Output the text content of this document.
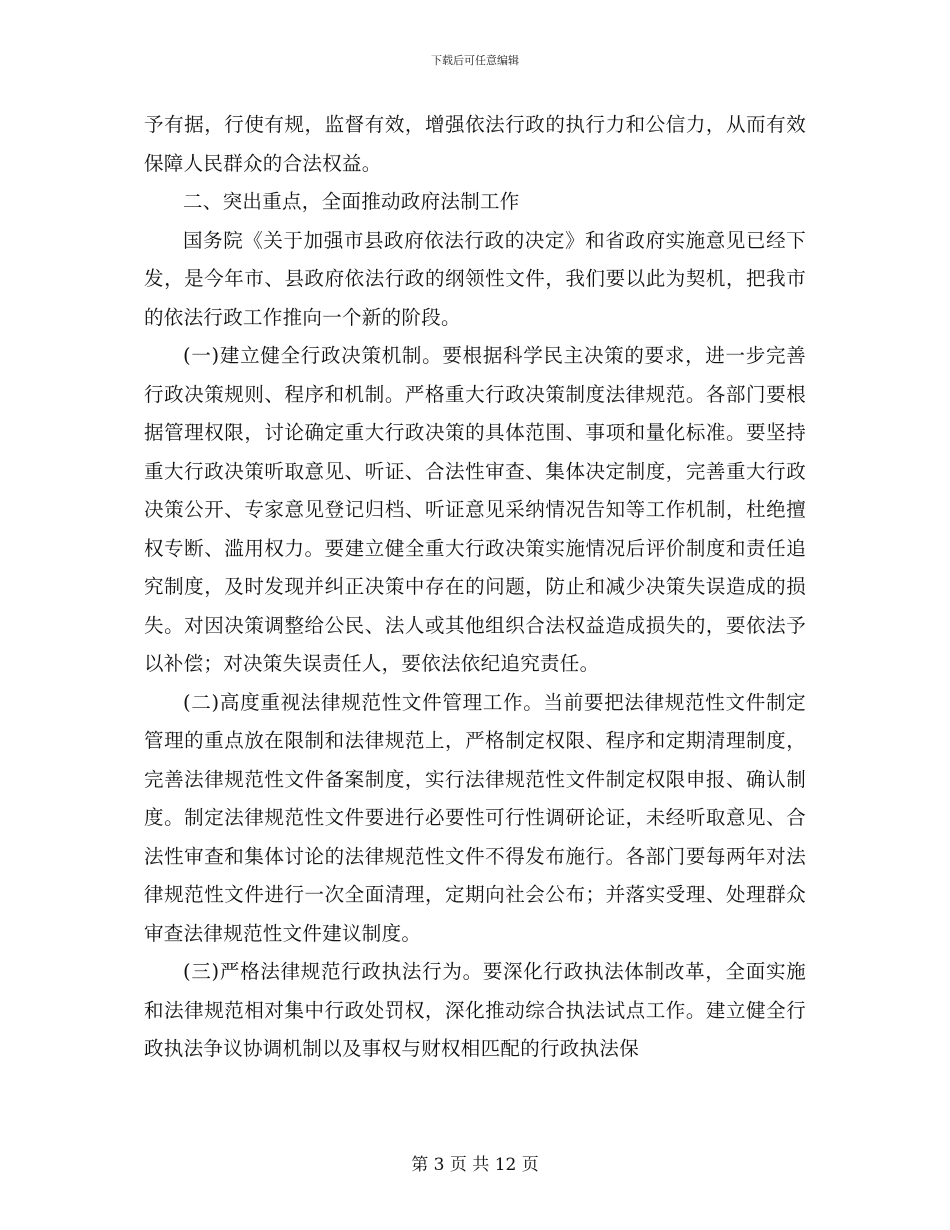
下载后可任意编辑

予有据，行使有规，监督有效，增强依法行政的执行力和公信力，从而有效保障人民群众的合法权益。

二、突出重点，全面推动政府法制工作

国务院《关于加强市县政府依法行政的决定》和省政府实施意见已经下发，是今年市、县政府依法行政的纲领性文件，我们要以此为契机，把我市的依法行政工作推向一个新的阶段。

(一)建立健全行政决策机制。要根据科学民主决策的要求，进一步完善行政决策规则、程序和机制。严格重大行政决策制度法律规范。各部门要根据管理权限，讨论确定重大行政决策的具体范围、事项和量化标准。要坚持重大行政决策听取意见、听证、合法性审查、集体决定制度，完善重大行政决策公开、专家意见登记归档、听证意见采纳情况告知等工作机制，杜绝擅权专断、滥用权力。要建立健全重大行政决策实施情况后评价制度和责任追究制度，及时发现并纠正决策中存在的问题，防止和减少决策失误造成的损失。对因决策调整给公民、法人或其他组织合法权益造成损失的，要依法予以补偿；对决策失误责任人，要依法依纪追究责任。

(二)高度重视法律规范性文件管理工作。当前要把法律规范性文件制定管理的重点放在限制和法律规范上，严格制定权限、程序和定期清理制度，完善法律规范性文件备案制度，实行法律规范性文件制定权限申报、确认制度。制定法律规范性文件要进行必要性可行性调研论证，未经听取意见、合法性审查和集体讨论的法律规范性文件不得发布施行。各部门要每两年对法律规范性文件进行一次全面清理，定期向社会公布；并落实受理、处理群众审查法律规范性文件建议制度。

(三)严格法律规范行政执法行为。要深化行政执法体制改革，全面实施和法律规范相对集中行政处罚权，深化推动综合执法试点工作。建立健全行政执法争议协调机制以及事权与财权相匹配的行政执法保

第 3 页 共 12 页
